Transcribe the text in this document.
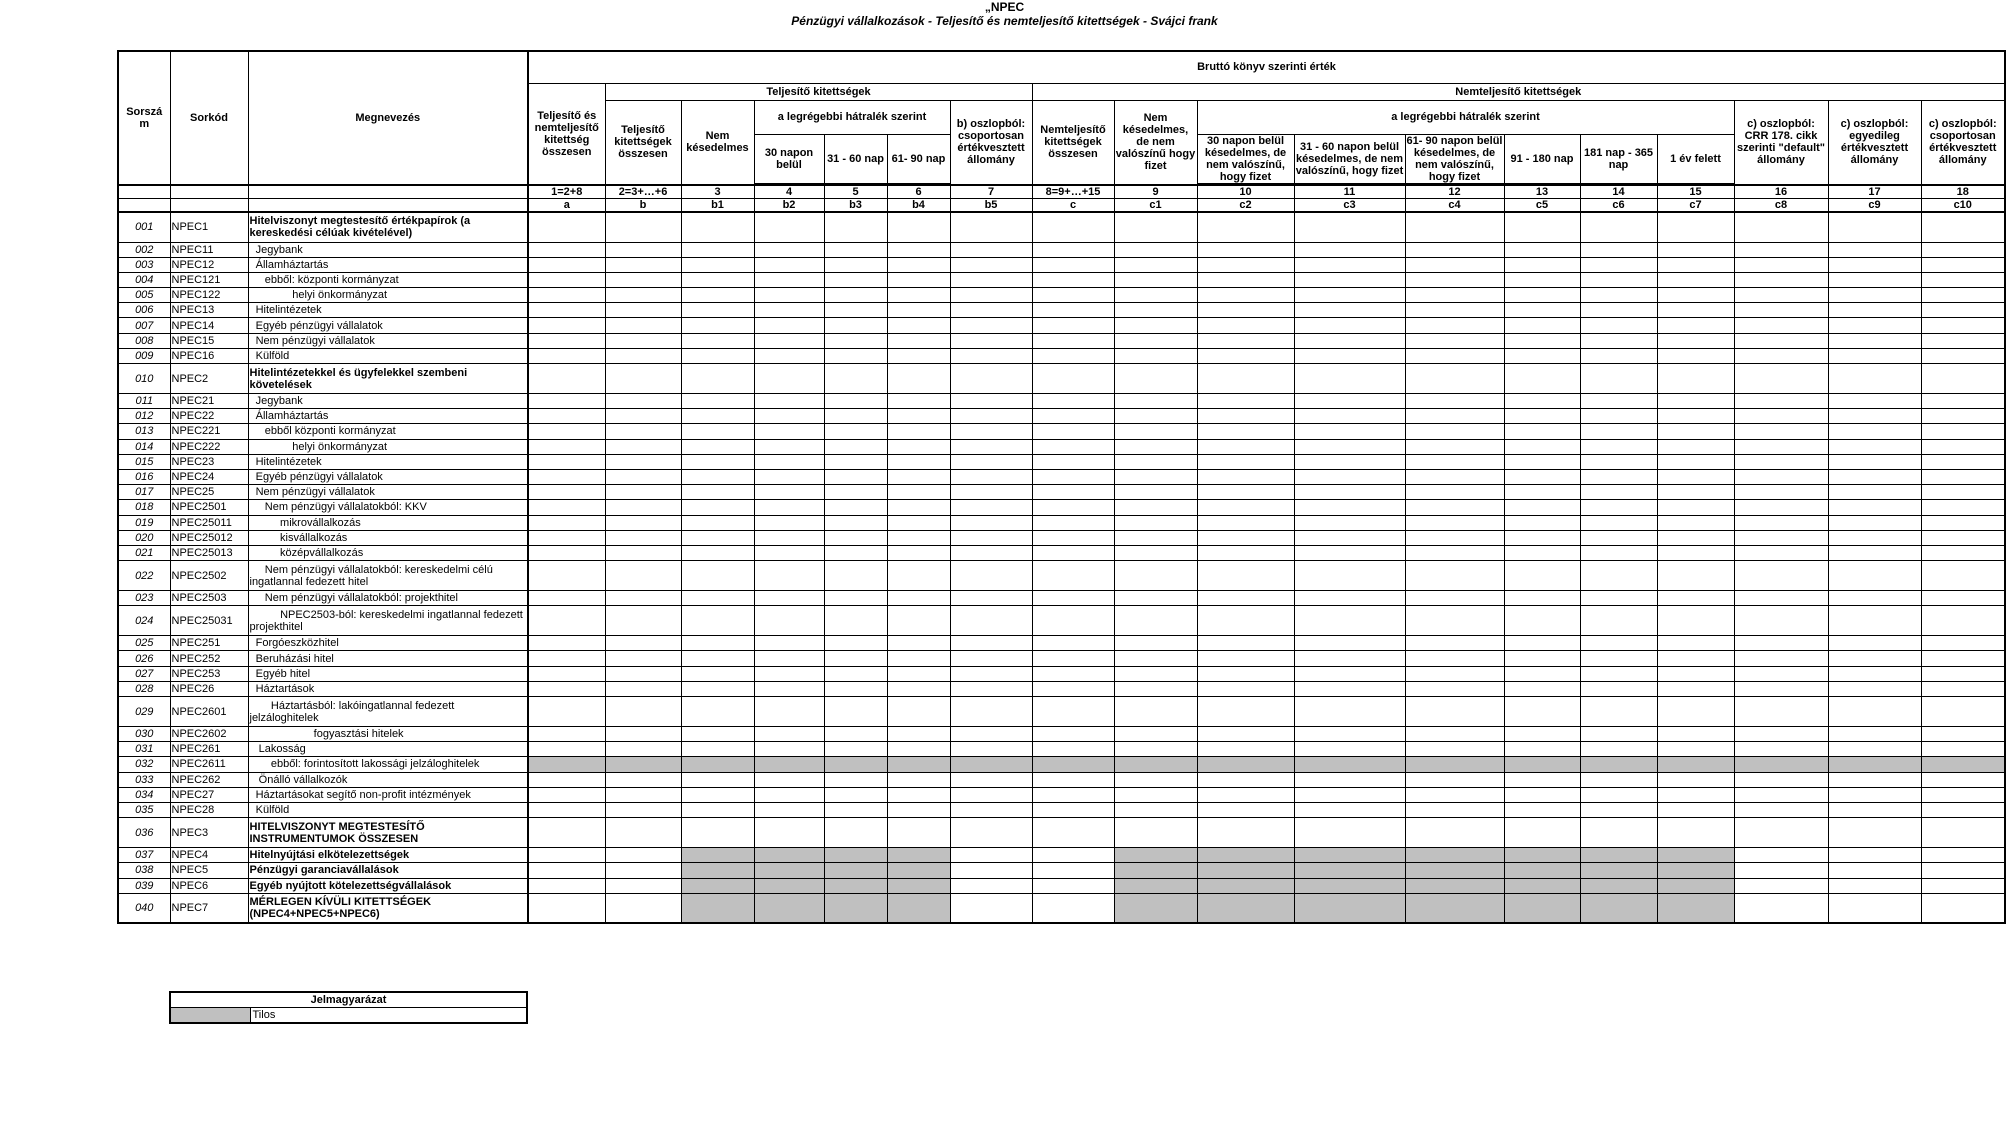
„NPEC
Pénzügyi vállalkozások - Teljesítő és nemteljesítő kitettségek - Svájci frank
Sorszá
m	Sorkód	Megnevezés	Bruttó könyv szerinti érték																	
			Teljesítő és nemteljesítő kitettség összesen	Teljesítő kitettségek						Nemteljesítő kitettségek										
				Teljesítő kitettségek összesen	Nem késedelmes	a legrégebbi hátralék szerint			b) oszlopból: csoportosan értékvesztett állomány	Nemteljesítő kitettségek összesen	Nem késedelmes, de nem valószínű hogy fizet	a legrégebbi hátralék szerint						c) oszlopból: CRR 178. cikk szerinti "default" állomány	c) oszlopból: egyedileg értékvesztett állomány	c) oszlopból: csoportosan értékvesztett állomány
						30 napon belül	31 - 60 nap	61- 90 nap				30 napon belül késedelmes, de nem valószínű, hogy fizet	31 - 60 napon belül késedelmes, de nem valószínű, hogy fizet	61- 90 napon belül késedelmes, de nem valószínű, hogy fizet	91 - 180 nap	181 nap - 365 nap	1 év felett			

			1=2+8	2=3+…+6	3	4	5	6	7	8=9+…+15	9	10	11	12	13	14	15	16	17	18
			a	b	b1	b2	b3	b4	b5	c	c1	c2	c3	c4	c5	c6	c7	c8	c9	c10
001	NPEC1	Hitelviszonyt megtestesítő értékpapírok (a kereskedési célúak kivételével)																		
002	NPEC11	Jegybank																		
003	NPEC12	Államháztartás																		
004	NPEC121	ebből: központi kormányzat																		
005	NPEC122	helyi önkormányzat																		
006	NPEC13	Hitelintézetek																		
007	NPEC14	Egyéb pénzügyi vállalatok																		
008	NPEC15	Nem pénzügyi vállalatok																		
009	NPEC16	Külföld																		
010	NPEC2	Hitelintézetekkel és ügyfelekkel szembeni követelések																		
011	NPEC21	Jegybank																		
012	NPEC22	Államháztartás																		
013	NPEC221	ebből központi kormányzat																		
014	NPEC222	helyi önkormányzat																		
015	NPEC23	Hitelintézetek																		
016	NPEC24	Egyéb pénzügyi vállalatok																		
017	NPEC25	Nem pénzügyi vállalatok																		
018	NPEC2501	Nem pénzügyi vállalatokból: KKV																		
019	NPEC25011	mikrovállalkozás																		
020	NPEC25012	kisvállalkozás																		
021	NPEC25013	középvállalkozás																		
022	NPEC2502	Nem pénzügyi vállalatokból: kereskedelmi célú ingatlannal fedezett hitel																		
023	NPEC2503	Nem pénzügyi vállalatokból: projekthitel																		
024	NPEC25031	NPEC2503-ból: kereskedelmi ingatlannal fedezett projekthitel																		
025	NPEC251	Forgóeszközhitel																		
026	NPEC252	Beruházási hitel																		
027	NPEC253	Egyéb hitel																		
028	NPEC26	Háztartások																		
029	NPEC2601	Háztartásból: lakóingatlannal fedezett jelzáloghitelek																		
030	NPEC2602	fogyasztási hitelek																		
031	NPEC261	Lakosság																		
032	NPEC2611	ebből: forintosított lakossági jelzáloghitelek																		
033	NPEC262	Önálló vállalkozók																		
034	NPEC27	Háztartásokat segítő non-profit intézmények																		
035	NPEC28	Külföld																		
036	NPEC3	HITELVISZONYT MEGTESTESÍTŐ INSTRUMENTUMOK ÖSSZESEN																		
037	NPEC4	Hitelnyújtási elkötelezettségek																		
038	NPEC5	Pénzügyi garanciavállalások																		
039	NPEC6	Egyéb nyújtott kötelezettségvállalások																		
040	NPEC7	MÉRLEGEN KÍVÜLI KITETTSÉGEK (NPEC4+NPEC5+NPEC6)																		
Jelmagyarázat
	Tilos
